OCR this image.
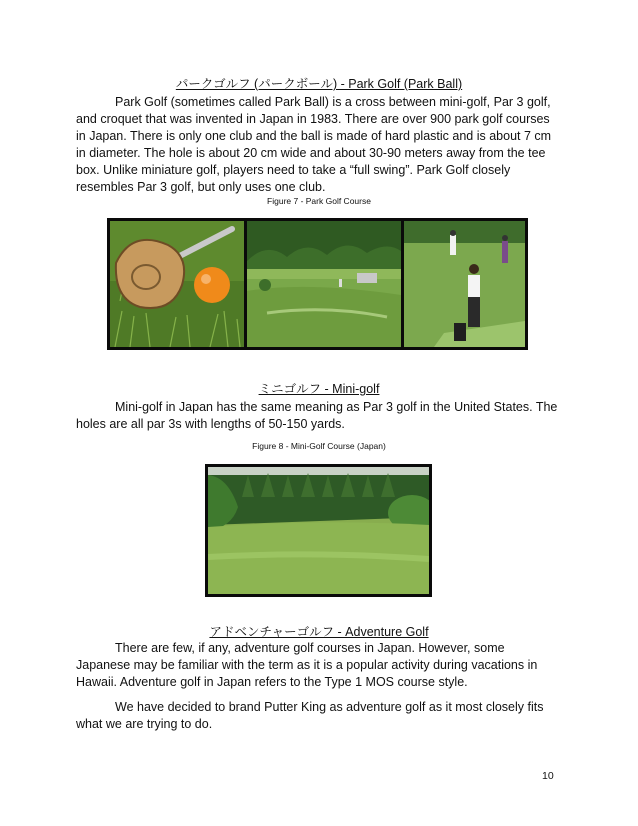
パークゴルフ (パークボール) - Park Golf (Park Ball)
Park Golf (sometimes called Park Ball) is a cross between mini-golf, Par 3 golf,
and croquet that was invented in Japan in 1983. There are over 900 park golf courses
in Japan. There is only one club and the ball is made of hard plastic and is about 7 cm
in diameter. The hole is about 20 cm wide and about 30-90 meters away from the tee
box. Unlike miniature golf, players need to take a “full swing”. Park Golf closely
resembles Par 3 golf, but only uses one club.
Figure 7 - Park Golf Course
ミニゴルフ - Mini-golf
Mini-golf in Japan has the same meaning as Par 3 golf in the United States. The
holes are all par 3s with lengths of 50-150 yards.
Figure 8 - Mini-Golf Course (Japan)
アドベンチャーゴルフ - Adventure Golf
There are few, if any, adventure golf courses in Japan. However, some
Japanese may be familiar with the term as it is a popular activity during vacations in
Hawaii. Adventure golf in Japan refers to the Type 1 MOS course style.
We have decided to brand Putter King as adventure golf as it most closely fits
what we are trying to do.
10
